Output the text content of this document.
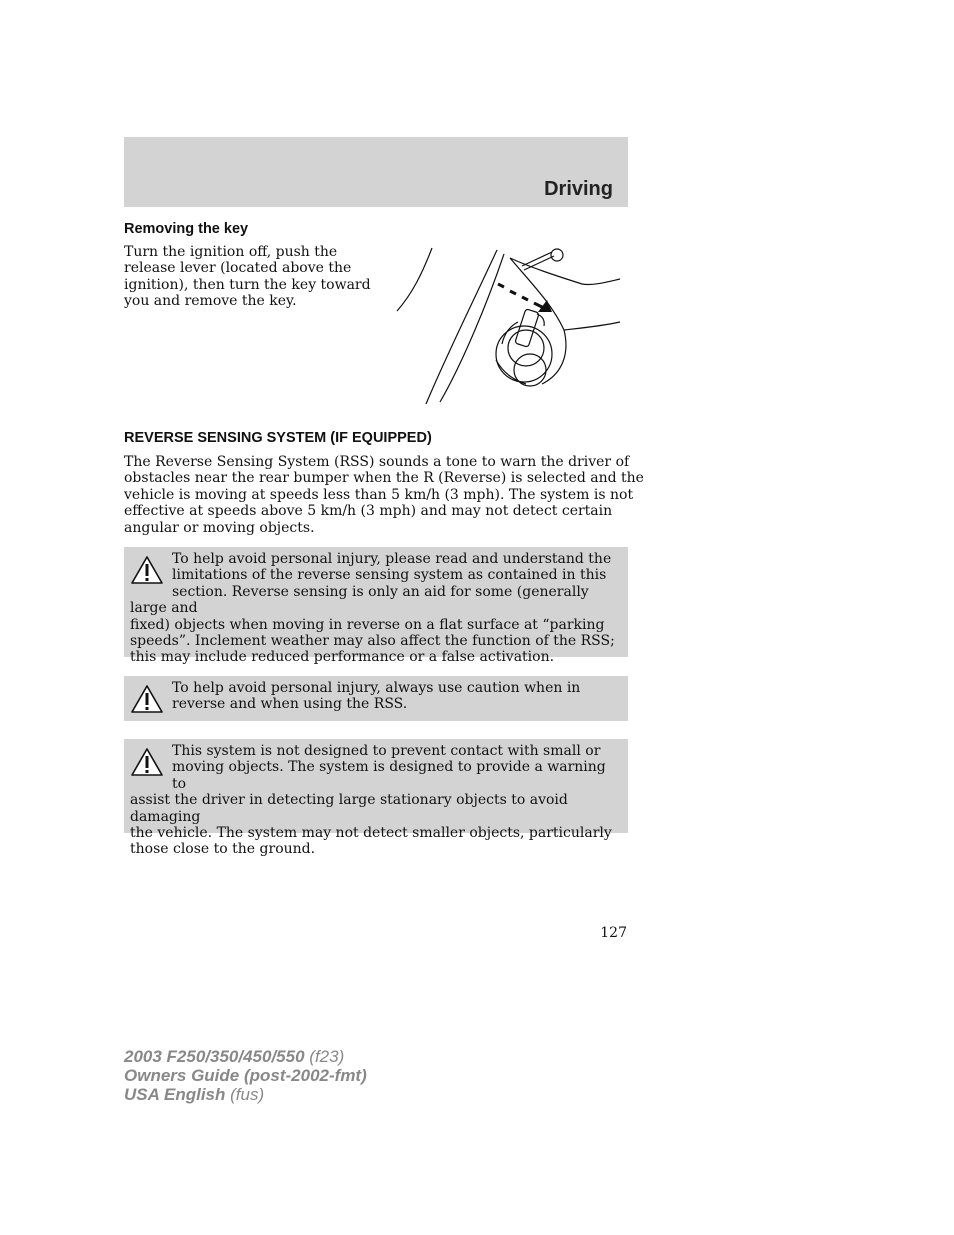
Driving
Removing the key
Turn the ignition off, push the
release lever (located above the
ignition), then turn the key toward
you and remove the key.
REVERSE SENSING SYSTEM (IF EQUIPPED)
The Reverse Sensing System (RSS) sounds a tone to warn the driver of
obstacles near the rear bumper when the R (Reverse) is selected and the
vehicle is moving at speeds less than 5 km/h (3 mph). The system is not
effective at speeds above 5 km/h (3 mph) and may not detect certain
angular or moving objects.
To help avoid personal injury, please read and understand the
limitations of the reverse sensing system as contained in this
section. Reverse sensing is only an aid for some (generally large and
fixed) objects when moving in reverse on a flat surface at “parking
speeds”. Inclement weather may also affect the function of the RSS;
this may include reduced performance or a false activation.
To help avoid personal injury, always use caution when in
reverse and when using the RSS.
This system is not designed to prevent contact with small or
moving objects. The system is designed to provide a warning to
assist the driver in detecting large stationary objects to avoid damaging
the vehicle. The system may not detect smaller objects, particularly
those close to the ground.
127
2003 F250/350/450/550 (f23)
Owners Guide (post-2002-fmt)
USA English (fus)
